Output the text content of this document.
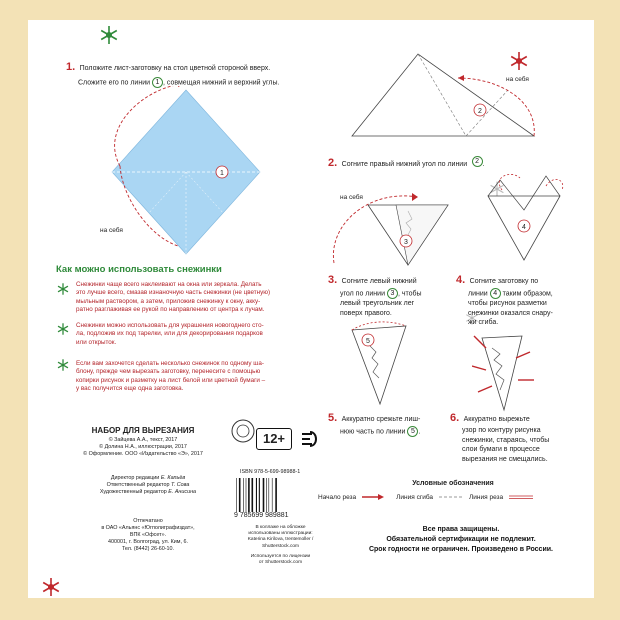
1. Положите лист-заготовку на стол цветной стороной вверх.
Сложите его по линии 1 , совмещая нижний и верхний углы.
1
на себя
2
на себя
2. Согните правый нижний угол по линии 2 .
3
на себя
4
3. Согните левый нижний
угол по линии 3 , чтобы
левый треугольник лег
поверх правого.
4. Согните заготовку по
линии 4 таким образом,
чтобы рисунок разметки
снежинки оказался снару-
жи сгиба.
5
5. Аккуратно срежьте лиш-
нюю часть по линии 5 .
6. Аккуратно вырежьте
узор по контуру рисунка
снежинки, стараясь, чтобы
слои бумаги в процессе
вырезания не смещались.
Как можно использовать снежинки
Снежинки чаще всего наклеивают на окна или зеркала. Делать
это лучше всего, смазав изнаночную часть снежинки (не цветную)
мыльным раствором, а затем, приложив снежинку к окну, акку-
ратно разглаживая ее рукой по направлению от центра к лучам.
Снежинки можно использовать для украшения новогоднего сто-
ла, подложив их под тарелки, или для декорирования подарков
или открыток.
Если вам захочется сделать несколько снежинок по одному ша-
блону, прежде чем вырезать заготовку, перенесите с помощью
копирки рисунок и разметку на лист белой или цветной бумаги –
у вас получится еще одна заготовка.
НАБОР ДЛЯ ВЫРЕЗАНИЯ
© Зайцева А.А., текст, 2017
© Долина Н.А., иллюстрации, 2017
© Оформление. ООО «Издательство «Э», 2017
Директор редакции Е. Капьёв
Ответственный редактор Т. Сова
Художественный редактор Е. Анисина
Отпечатано
в ОАО «Альянс «Югполиграфиздат»,
ВПК «Офсет».
400001, г. Волгоград, ул. Ким, 6.
Тел. (8442) 26-60-10.
12+
ISBN 978-5-699-98988-1
9 785699 989881
В коллаже на обложке
использованы иллюстрации:
Katerina Kirilova, trentemoller /
Shutterstock.com
Используется по лицензии
от Shutterstock.com
Условные обозначения
Начало реза	Линия сгиба	Линия реза
Все права защищены.
Обязательной сертификации не подлежит.
Срок годности не ограничен. Произведено в России.
